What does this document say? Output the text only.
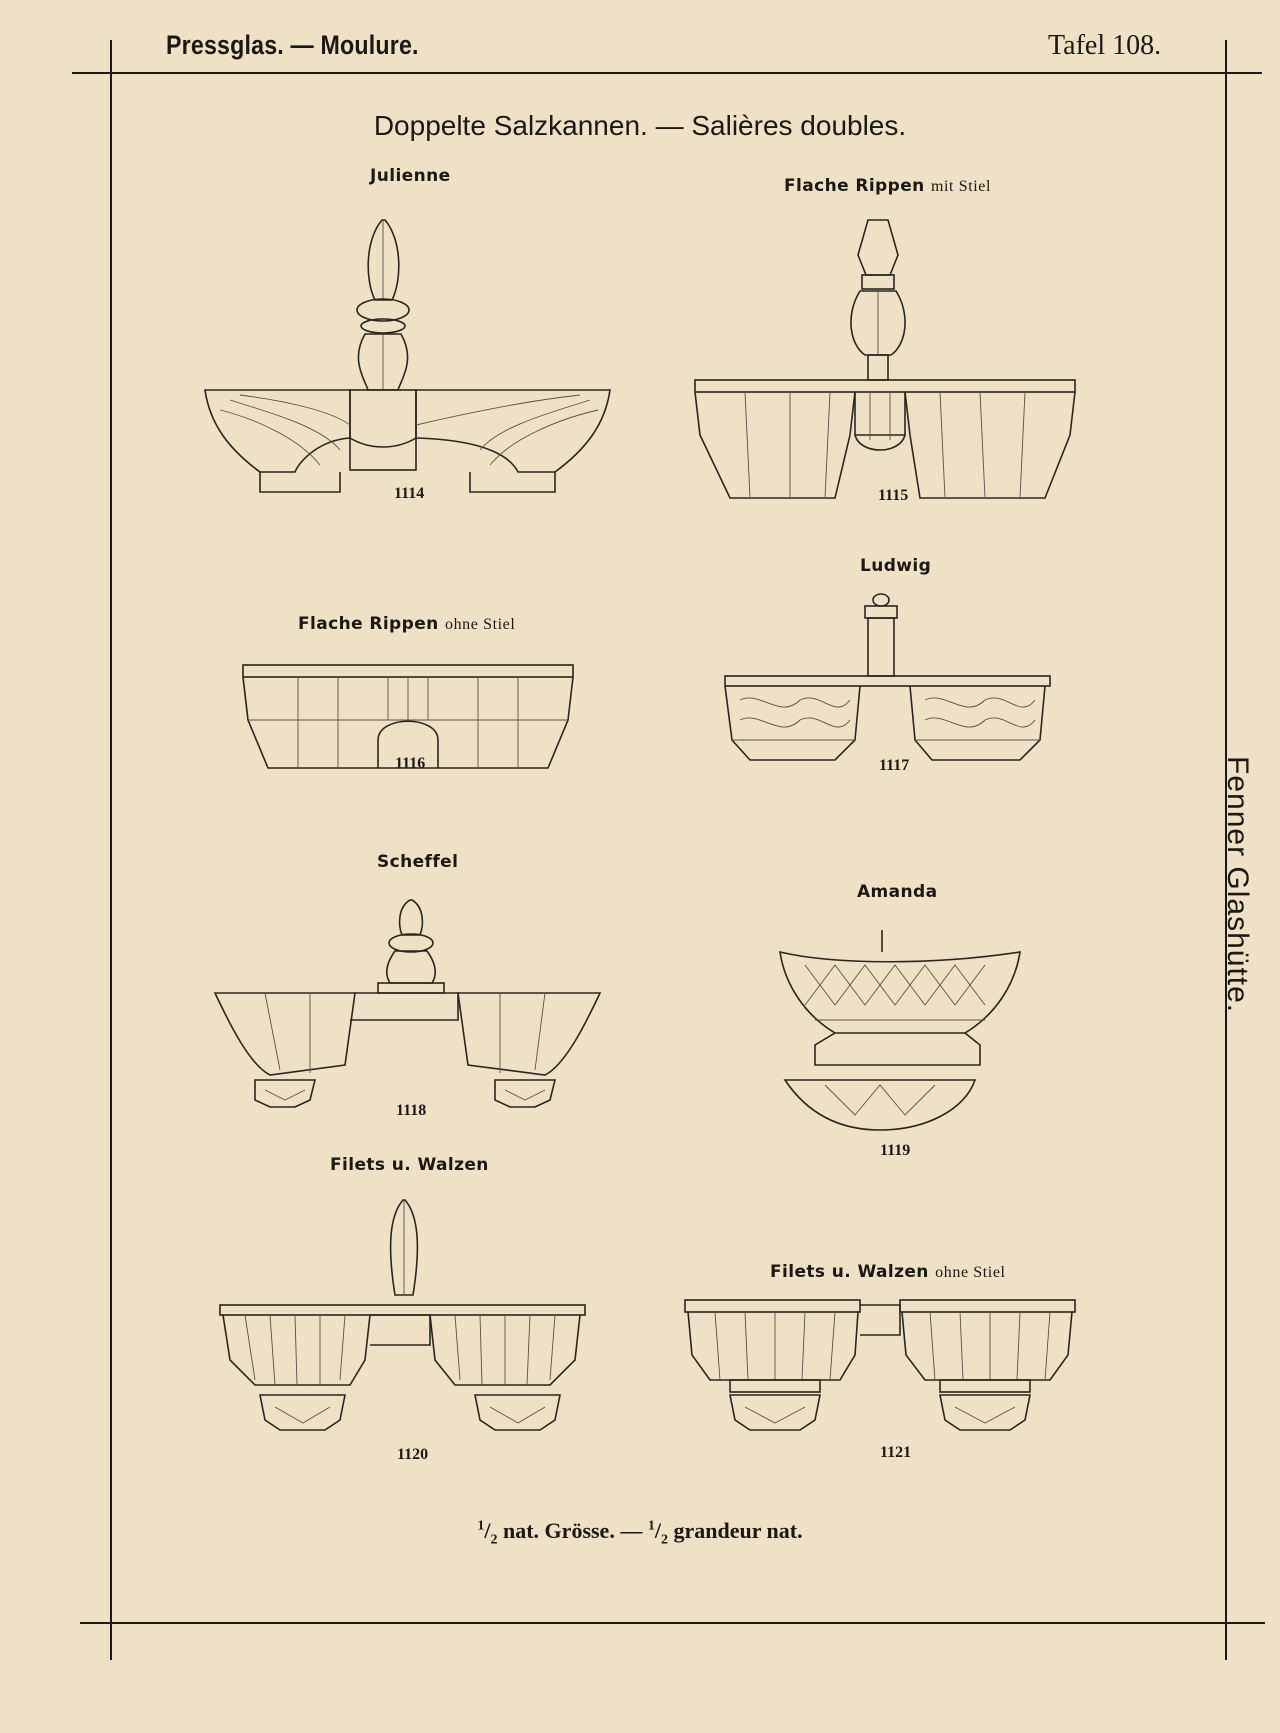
Pressglas. — Moulure.	Tafel 108.
Doppelte Salzkannen. — Salières doubles.
Fenner Glashütte.
Julienne	Flache Rippen mit Stiel
Flache Rippen ohne Stiel
Ludwig
Scheffel
Amanda
Filets u. Walzen
Filets u. Walzen ohne Stiel
1114	1115
1116	1117
1118
1119
1120	1121
$^1/_2$ nat. Grösse. — $^1/_2$ grandeur nat.
